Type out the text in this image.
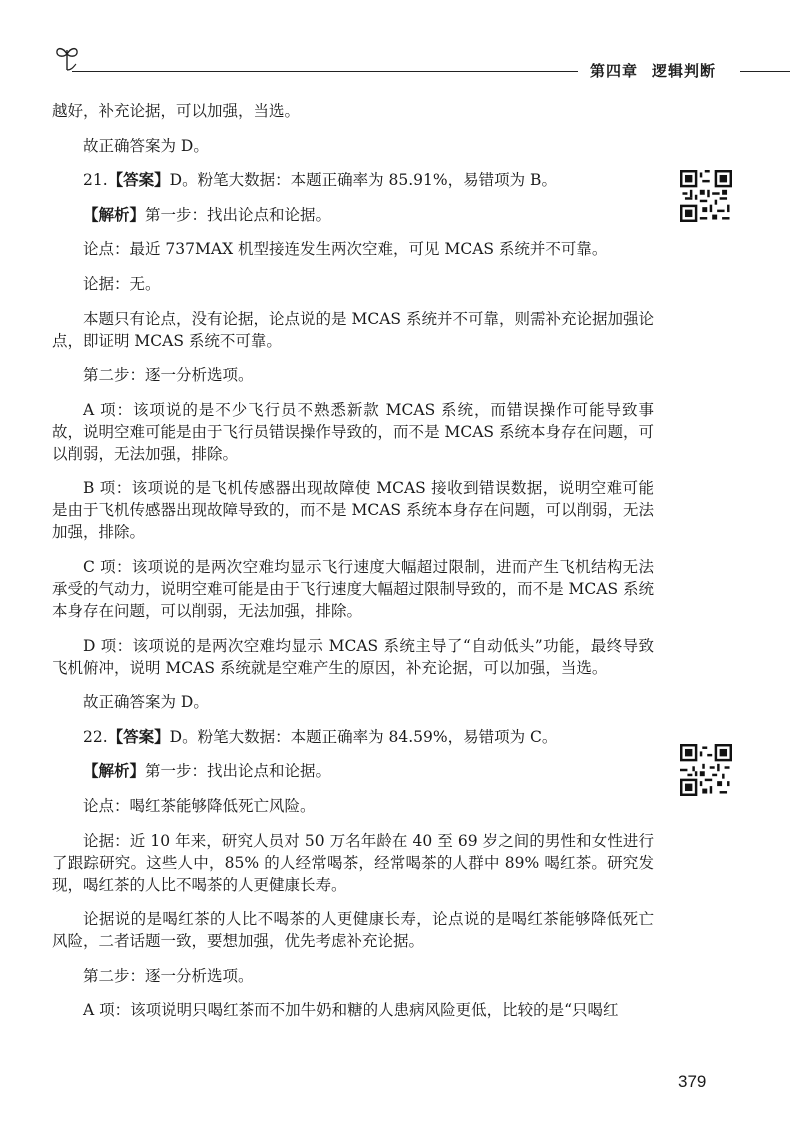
第四章 逻辑判断

越好，补充论据，可以加强，当选。

故正确答案为 D。

21.【答案】D。粉笔大数据：本题正确率为 85.91%，易错项为 B。

【解析】第一步：找出论点和论据。

论点：最近 737MAX 机型接连发生两次空难，可见 MCAS 系统并不可靠。

论据：无。

本题只有论点，没有论据，论点说的是 MCAS 系统并不可靠，则需补充论据加强论点，即证明 MCAS 系统不可靠。

第二步：逐一分析选项。

A 项：该项说的是不少飞行员不熟悉新款 MCAS 系统，而错误操作可能导致事故，说明空难可能是由于飞行员错误操作导致的，而不是 MCAS 系统本身存在问题，可以削弱，无法加强，排除。

B 项：该项说的是飞机传感器出现故障使 MCAS 接收到错误数据，说明空难可能是由于飞机传感器出现故障导致的，而不是 MCAS 系统本身存在问题，可以削弱，无法加强，排除。

C 项：该项说的是两次空难均显示飞行速度大幅超过限制，进而产生飞机结构无法承受的气动力，说明空难可能是由于飞行速度大幅超过限制导致的，而不是 MCAS 系统本身存在问题，可以削弱，无法加强，排除。

D 项：该项说的是两次空难均显示 MCAS 系统主导了“自动低头”功能，最终导致飞机俯冲，说明 MCAS 系统就是空难产生的原因，补充论据，可以加强，当选。

故正确答案为 D。

22.【答案】D。粉笔大数据：本题正确率为 84.59%，易错项为 C。

【解析】第一步：找出论点和论据。

论点：喝红茶能够降低死亡风险。

论据：近 10 年来，研究人员对 50 万名年龄在 40 至 69 岁之间的男性和女性进行了跟踪研究。这些人中，85% 的人经常喝茶，经常喝茶的人群中 89% 喝红茶。研究发现，喝红茶的人比不喝茶的人更健康长寿。

论据说的是喝红茶的人比不喝茶的人更健康长寿，论点说的是喝红茶能够降低死亡风险，二者话题一致，要想加强，优先考虑补充论据。

第二步：逐一分析选项。

A 项：该项说明只喝红茶而不加牛奶和糖的人患病风险更低，比较的是“只喝红

379
